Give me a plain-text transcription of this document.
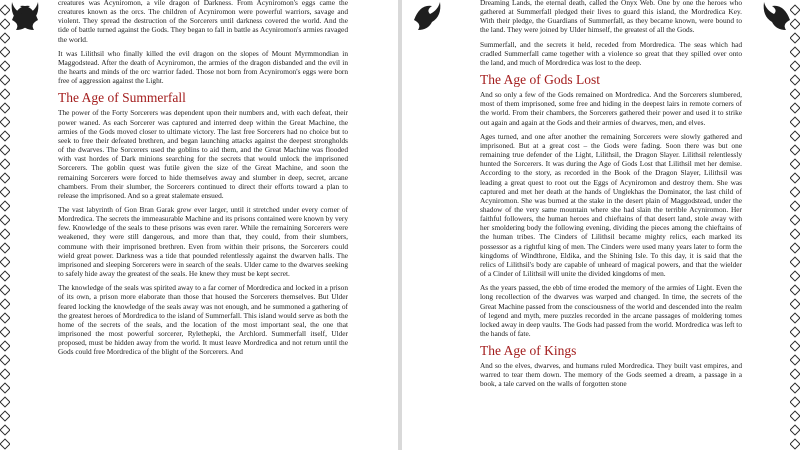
creatures was Acyniromon, a vile dragon of Darkness. From Acyniromon's eggs came the creatures known as the orcs. The children of Acyniromon were powerful warriors, savage and violent. They spread the destruction of the Sorcerers until darkness covered the world. And the tide of battle turned against the Gods. They began to fall in battle as Acyniromon's armies ravaged the world.

It was Lilithsil who finally killed the evil dragon on the slopes of Mount Myrmmondian in Maggodstead. After the death of Acyniromon, the armies of the dragon disbanded and the evil in the hearts and minds of the orc warrior faded. Those not born from Acyniromon's eggs were born free of aggression against the Light.

The Age of Summerfall

The power of the Forty Sorcerers was dependent upon their numbers and, with each defeat, their power waned. As each Sorcerer was captured and interred deep within the Great Machine, the armies of the Gods moved closer to ultimate victory. The last free Sorcerers had no choice but to seek to free their defeated brethren, and began launching attacks against the deepest strongholds of the dwarves. The Sorcerers used the goblins to aid them, and the Great Machine was flooded with vast hordes of Dark minions searching for the secrets that would unlock the imprisoned Sorcerers. The goblin quest was futile given the size of the Great Machine, and soon the remaining Sorcerers were forced to hide themselves away and slumber in deep, secret, arcane chambers. From their slumber, the Sorcerers continued to direct their efforts toward a plan to release the imprisoned. And so a great stalemate ensued.

The vast labyrinth of Gon Bran Garak grew ever larger, until it stretched under every corner of Mordredica. The secrets the immeasurable Machine and its prisons contained were known by very few. Knowledge of the seals to these prisons was even rarer. While the remaining Sorcerers were weakened, they were still dangerous, and more than that, they could, from their slumbers, commune with their imprisoned brethren. Even from within their prisons, the Sorcerers could wield great power. Darkness was a tide that pounded relentlessly against the dwarven halls. The imprisoned and sleeping Sorcerers were in search of the seals. Ulder came to the dwarves seeking to safely hide away the greatest of the seals. He knew they must be kept secret.

The knowledge of the seals was spirited away to a far corner of Mordredica and locked in a prison of its own, a prison more elaborate than those that housed the Sorcerers themselves. But Ulder feared locking the knowledge of the seals away was not enough, and he summoned a gathering of the greatest heroes of Mordredica to the island of Summerfall. This island would serve as both the home of the secrets of the seals, and the location of the most important seal, the one that imprisoned the most powerful sorcerer, Rylethepki, the Archlord. Summerfall itself, Ulder proposed, must be hidden away from the world. It must leave Mordredica and not return until the Gods could free Mordredica of the blight of the Sorcerers. And

Dreaming Lands, the eternal death, called the Onyx Web. One by one the heroes who gathered at Summerfall pledged their lives to guard this island, the Mordredica Key. With their pledge, the Guardians of Summerfall, as they became known, were bound to the land. They were joined by Ulder himself, the greatest of all the Gods.

Summerfall, and the secrets it held, receded from Mordredica. The seas which had cradled Summerfall came together with a violence so great that they spilled over onto the land, and much of Mordredica was lost to the deep.

The Age of Gods Lost

And so only a few of the Gods remained on Mordredica. And the Sorcerers slumbered, most of them imprisoned, some free and hiding in the deepest lairs in remote corners of the world. From their chambers, the Sorcerers gathered their power and used it to strike out again and again at the Gods and their armies of dwarves, men, and elves.

Ages turned, and one after another the remaining Sorcerers were slowly gathered and imprisoned. But at a great cost – the Gods were fading. Soon there was but one remaining true defender of the Light, Lilithsil, the Dragon Slayer. Lilithsil relentlessly hunted the Sorcerers. It was during the Age of Gods Lost that Lilithsil met her demise. According to the story, as recorded in the Book of the Dragon Slayer, Lilithsil was leading a great quest to root out the Eggs of Acyniromon and destroy them. She was captured and met her death at the hands of Unglekhas the Dominator, the last child of Acyniromon. She was burned at the stake in the desert plain of Maggodstead, under the shadow of the very same mountain where she had slain the terrible Acyniromon. Her faithful followers, the human heroes and chieftains of that desert land, stole away with her smoldering body the following evening, dividing the pieces among the chieftains of the human tribes. The Cinders of Lilithsil became mighty relics, each marked its possessor as a rightful king of men. The Cinders were used many years later to form the kingdoms of Windthrone, Eldika, and the Shining Isle. To this day, it is said that the relics of Lilithsil's body are capable of unheard of magical powers, and that the wielder of a Cinder of Lilithsil will unite the divided kingdoms of men.

As the years passed, the ebb of time eroded the memory of the armies of Light. Even the long recollection of the dwarves was warped and changed. In time, the secrets of the Great Machine passed from the consciousness of the world and descended into the realm of legend and myth, mere puzzles recorded in the arcane passages of moldering tomes locked away in deep vaults. The Gods had passed from the world. Mordredica was left to the hands of fate.

The Age of Kings

And so the elves, dwarves, and humans ruled Mordredica. They built vast empires, and warred to tear them down. The memory of the Gods seemed a dream, a passage in a book, a tale carved on the walls of forgotten stone
